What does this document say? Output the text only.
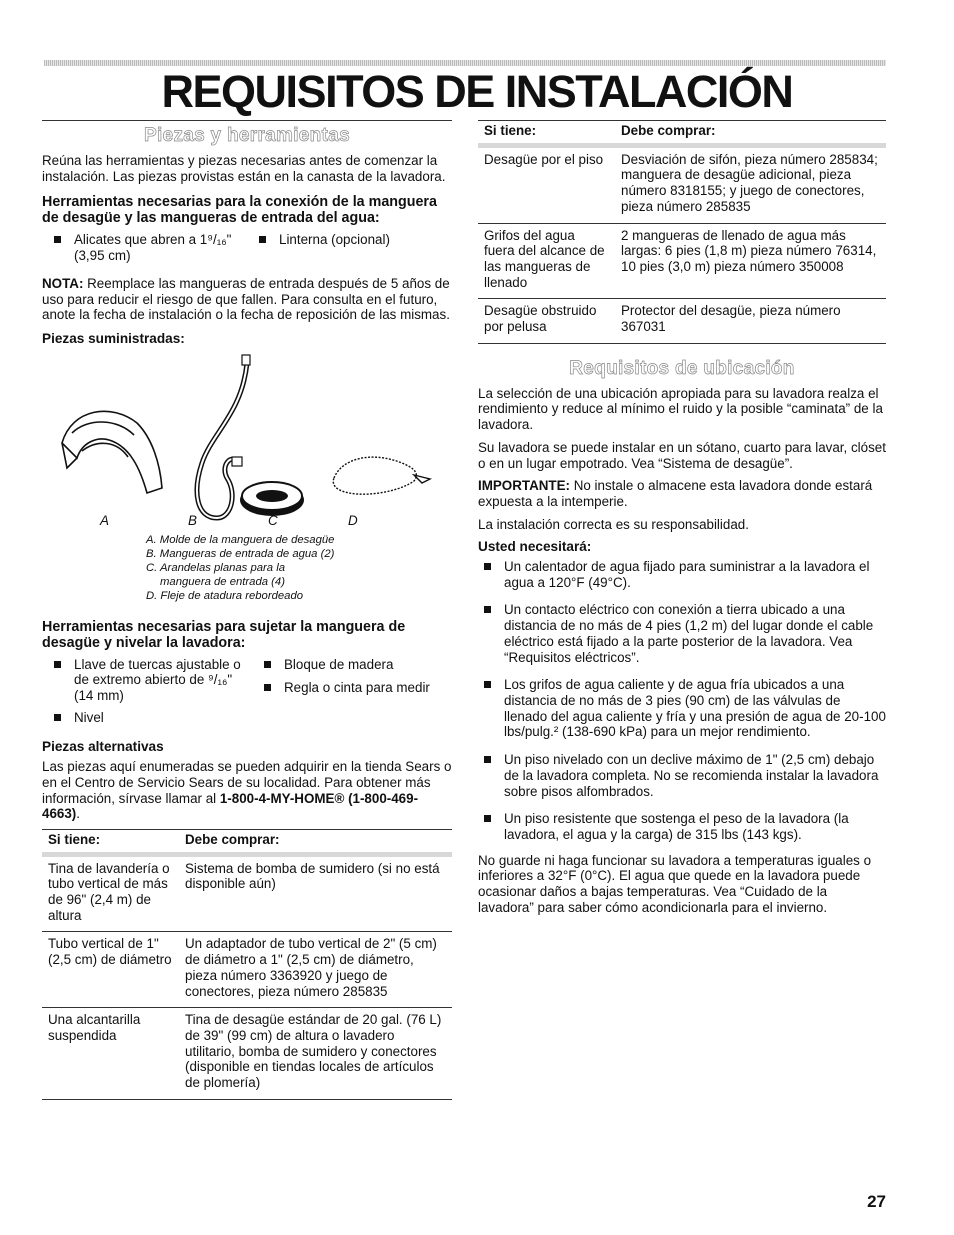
REQUISITOS DE INSTALACIÓN
Piezas y herramientas

Reúna las herramientas y piezas necesarias antes de comenzar la instalación. Las piezas provistas están en la canasta de la lavadora.

Herramientas necesarias para la conexión de la manguera de desagüe y las mangueras de entrada del agua:
Alicates que abren a 1⁹/₁₆" (3,95 cm)
Linterna (opcional)

NOTA: Reemplace las mangueras de entrada después de 5 años de uso para reducir el riesgo de que fallen. Para consulta en el futuro, anote la fecha de instalación o la fecha de reposición de las mismas.

Piezas suministradas:
A	B	C	D
A. Molde de la manguera de desagüe
B. Mangueras de entrada de agua (2)
C. Arandelas planas para la
manguera de entrada (4)
D. Fleje de atadura rebordeado
Herramientas necesarias para sujetar la manguera de desagüe y nivelar la lavadora:
Llave de tuercas ajustable o de extremo abierto de ⁹/₁₆" (14 mm)
Nivel
Bloque de madera
Regla o cinta para medir
Piezas alternativas

Las piezas aquí enumeradas se pueden adquirir en la tienda Sears o en el Centro de Servicio Sears de su localidad. Para obtener más información, sírvase llamar al 1-800-4-MY-HOME® (1-800-469-4663).

Si tiene:	Debe comprar:
Tina de lavandería o tubo vertical de más de 96" (2,4 m) de altura	Sistema de bomba de sumidero (si no está disponible aún)
Tubo vertical de 1" (2,5 cm) de diámetro	Un adaptador de tubo vertical de 2" (5 cm) de diámetro a 1" (2,5 cm) de diámetro, pieza número 3363920 y juego de conectores, pieza número 285835
Una alcantarilla suspendida	Tina de desagüe estándar de 20 gal. (76 L) de 39" (99 cm) de altura o lavadero utilitario, bomba de sumidero y conectores (disponible en tiendas locales de artículos de plomería)
Si tiene:	Debe comprar:
Desagüe por el piso	Desviación de sifón, pieza número 285834; manguera de desagüe adicional, pieza número 8318155; y juego de conectores, pieza número 285835
Grifos del agua fuera del alcance de las mangueras de llenado	2 mangueras de llenado de agua más largas: 6 pies (1,8 m) pieza número 76314, 10 pies (3,0 m) pieza número 350008
Desagüe obstruido por pelusa	Protector del desagüe, pieza número 367031
Requisitos de ubicación

La selección de una ubicación apropiada para su lavadora realza el rendimiento y reduce al mínimo el ruido y la posible “caminata” de la lavadora.

Su lavadora se puede instalar en un sótano, cuarto para lavar, clóset o en un lugar empotrado. Vea “Sistema de desagüe”.

IMPORTANTE: No instale o almacene esta lavadora donde estará expuesta a la intemperie.

La instalación correcta es su responsabilidad.

Usted necesitará:
Un calentador de agua fijado para suministrar a la lavadora el agua a 120°F (49°C).
Un contacto eléctrico con conexión a tierra ubicado a una distancia de no más de 4 pies (1,2 m) del lugar donde el cable eléctrico está fijado a la parte posterior de la lavadora. Vea “Requisitos eléctricos”.
Los grifos de agua caliente y de agua fría ubicados a una distancia de no más de 3 pies (90 cm) de las válvulas de llenado del agua caliente y fría y una presión de agua de 20-100 lbs/pulg.² (138-690 kPa) para un mejor rendimiento.
Un piso nivelado con un declive máximo de 1" (2,5 cm) debajo de la lavadora completa. No se recomienda instalar la lavadora sobre pisos alfombrados.
Un piso resistente que sostenga el peso de la lavadora (la lavadora, el agua y la carga) de 315 lbs (143 kgs).

No guarde ni haga funcionar su lavadora a temperaturas iguales o inferiores a 32°F (0°C). El agua que quede en la lavadora puede ocasionar daños a bajas temperaturas. Vea “Cuidado de la lavadora” para saber cómo acondicionarla para el invierno.

27
